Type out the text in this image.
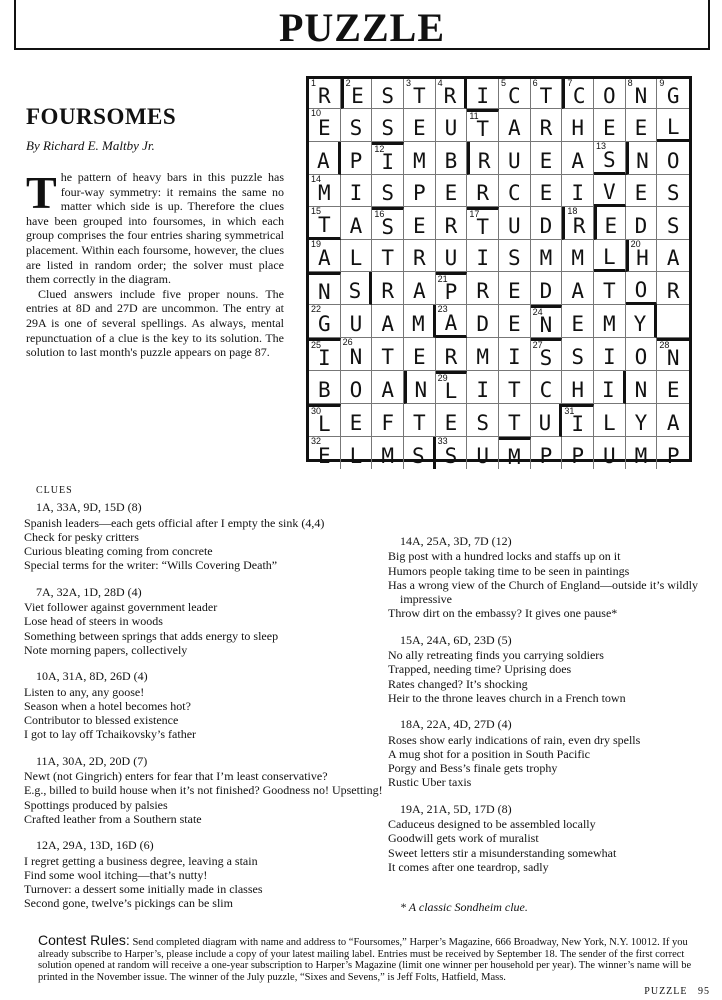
PUZZLE
FOURSOMES
By Richard E. Maltby Jr.

The pattern of heavy bars in this puzzle has four-way symmetry: it remains the same no matter which side is up. Therefore the clues have been grouped into foursomes, in which each group comprises the four entries sharing symmetrical placement. Within each foursome, however, the clues are listed in random order; the solver must place them correctly in the diagram.

Clued answers include five proper nouns. The entries at 8D and 27D are uncommon. The entry at 29A is one of several spellings. As always, mental repunctuation of a clue is the key to its solution. The solution to last month's puzzle appears on page 87.

1
R
2
E S
3
T
4
R I
5
C
6
T
7
C O
8
N
9
G
10
E S S E U 11
T A R H E E L
A P 12
I M B R U E A
13
S N O
14
M I S P E R C E I V E S
15
T A 16
S E R 17
T U D
18
R E D S
19
A L T R U I S M M L
20
H A
N S R A 21
P R E D A T O R
22
G U A M
23
A D E 24
N E M Y
25
I
26
N T E R M I 27
S S I O 28
N
B O A N 29
L I T C H I N E
30
L E F T E S T U 31
I L Y A
32
E L M S
33
S U M P P U M P
CLUES
1A, 33A, 9D, 15D (8)
Spanish leaders—each gets official after I empty the sink (4,4)
Check for pesky critters
Curious bleating coming from concrete
Special terms for the writer: “Wills Covering Death”
7A, 32A, 1D, 28D (4)
Viet follower against government leader
Lose head of steers in woods
Something between springs that adds energy to sleep
Note morning papers, collectively
10A, 31A, 8D, 26D (4)
Listen to any, any goose!
Season when a hotel becomes hot?
Contributor to blessed existence
I got to lay off Tchaikovsky’s father
11A, 30A, 2D, 20D (7)
Newt (not Gingrich) enters for fear that I’m least conservative?
E.g., billed to build house when it’s not finished? Goodness no! Upsetting!
Spottings produced by palsies
Crafted leather from a Southern state
12A, 29A, 13D, 16D (6)
I regret getting a business degree, leaving a stain
Find some wool itching—that’s nutty!
Turnover: a dessert some initially made in classes
Second gone, twelve’s pickings can be slim
14A, 25A, 3D, 7D (12)
Big post with a hundred locks and staffs up on it
Humors people taking time to be seen in paintings
Has a wrong view of the Church of England—outside it’s wildly impressive
Throw dirt on the embassy? It gives one pause*
15A, 24A, 6D, 23D (5)
No ally retreating finds you carrying soldiers
Trapped, needing time? Uprising does
Rates changed? It’s shocking
Heir to the throne leaves church in a French town
18A, 22A, 4D, 27D (4)
Roses show early indications of rain, even dry spells
A mug shot for a position in South Pacific
Porgy and Bess’s finale gets trophy
Rustic Uber taxis
19A, 21A, 5D, 17D (8)
Caduceus designed to be assembled locally
Goodwill gets work of muralist
Sweet letters stir a misunderstanding somewhat
It comes after one teardrop, sadly
* A classic Sondheim clue.
Contest Rules: Send completed diagram with name and address to “Foursomes,” Harper’s Magazine, 666 Broadway, New York, N.Y. 10012. If you already subscribe to Harper’s, please include a copy of your latest mailing label. Entries must be received by September 18. The sender of the first correct solution opened at random will receive a one-year subscription to Harper’s Magazine (limit one winner per household per year). The winner’s name will be printed in the November issue. The winner of the July puzzle, “Sixes and Sevens,” is Jeff Folts, Hatfield, Mass.
PUZZLE 95
